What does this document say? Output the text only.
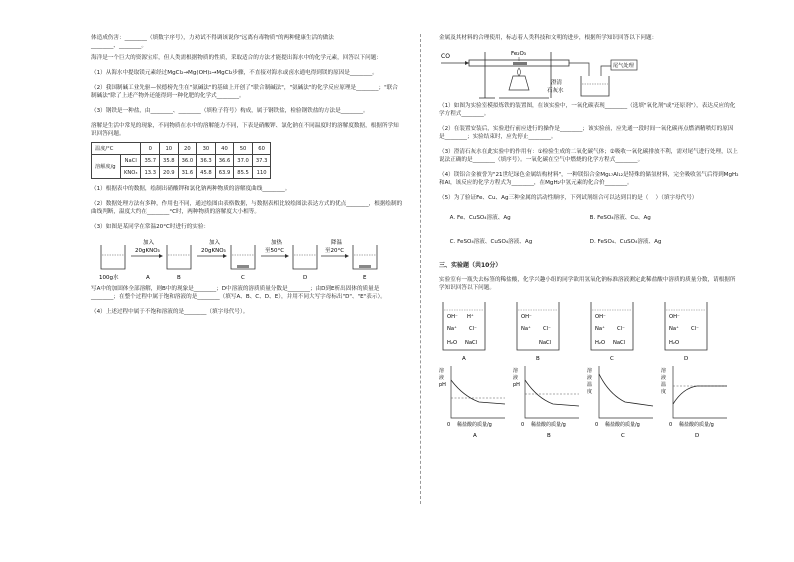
体造成伤害：________（填数字序号），力劝试不得调该说你"远离有毒物质"的两种健康生活的做法
________、________。

海洋是一个巨大的资源宝库，但人类需根据物质的性质，采取适合的方法才能提出海水中的化学元素，回答以下问题：

（1）从海水中提取镁元素经过MgCl₂→Mg(OH)₂→MgCl₂步骤，不直接对海水或卤水通电得到镁的原因是________。

（2）我国制碱工业先驱—侯德榜先生在"氨碱法"的基础上开创了"联合制碱法"，"氨碱法"的化学反应原理是________；"联合制碱法"除了上述产物外还能得到一种化肥的化学式________。

（3）钢铁是一种盐，由________、________（填粒子符号）构成，属于钢铁盐，检验钢铁盐的方法是________。

溶解是生活中常见的现象，不同物质在水中的溶解能力不同，下表是硝酸钾、氯化钠在不同温度时的溶解度数据，根据所学知识回答问题。

温度/°C		0	10	20	30	40	50	60
溶解度/g	NaCl	35.7	35.8	36.0	36.3	36.6	37.0	37.3
	KNO₃	13.3	20.9	31.6	45.8	63.9	85.5	110

（1）根据表中的数据，绘制出硝酸钾和氯化钠两种物质的溶解度曲线________。

（2）数据处理方法有多种，作用也不同，通过绘图由表格数据，与数据表相比较绘图法表达方式的优点________，根据绘制的曲线判断，温度大约在________°C时，两种物质的溶解度大小相等。

（3）如图是某同学在常温20°C时进行的实验：

100g水
加入
20gKNO₃
加入
20gKNO₃
加热
至50°C
降温
至20°C
A	B	C	D	E

写A中的加固体全部溶解，则B中的现象是________；D中溶液的溶质质量分数是________；由D到E析出固体的质量是________；在整个过程中属于饱和溶液的是________（填写A、B、C、D、E），并用不同大写字母标出"D"、"E"表示）。

（4）上述过程中属于不饱和溶液的是________（填字母代号）。

金属及其材料的合理使用，标志着人类科技和文明的进步，根据所学知识回答以下问题：

CO	Fe₂O₃
澄清
石灰水
尾气处理

（1）如图为实验室模拟炼铁的装置图，在该实验中，一氧化碳表现________（选填"氧化剂"或"还原剂"），表达反应的化学方程式________。

（2）在装置安装后，实验进行前应进行的操作是________；该实验前，应先通一段时间一氧化碳再点燃酒精喷灯的原因是________；实验结束时，应先停止________。

（3）澄清石灰水在此实验中的作用有：①检验生成的二氧化碳气体；②吸收一氧化碳排放不利，需对尾气进行处理，以上说法正确的是________（填序号）。一氧化碳在空气中燃烧的化学方程式________。

（4）镁铝合金被誉为"21世纪绿色金属结构材料"，一种镁铝合金Mg₁₇Al₁₂是特殊的储氢材料，完全吸收氢气后得到MgH₂和Al，该反应的化学方程式为________，在MgH₂中氢元素的化合价________。

（5）为了验证Fe、Cu、Ag三种金属的活动性顺序，下列试剂组合可以达到目的是（    ）（填字母代号）

A. Fe、CuSO₄溶液、Ag	B. FeSO₄溶液、Cu、Ag

C. FeSO₄溶液、CuSO₄溶液、Ag	D. FeSO₄、CuSO₄溶液、Ag

三、实验题（共10分）

实验室有一瓶失去标签的稀盐酸，化学兴趣小组的同学欲用氢氧化钠标准溶液测定此稀盐酸中溶质的质量分数，请根据所学知识回答以下问题。

OH⁻ H⁺
Na⁺ Cl⁻
H₂O NaCl
A
OH⁻
Na⁺ Cl⁻
NaCl
B
OH⁻
Na⁺ Cl⁻
H₂O NaCl
C
OH⁻
Na⁺ Cl⁻
H₂O
D
溶
液
pH
0 稀盐酸的质量/g
A
溶
液
pH
0 稀盐酸的质量/g
B
溶
液
温
度
0 稀盐酸的质量/g
C
溶
液
温
度
0 稀盐酸的质量/g
D
